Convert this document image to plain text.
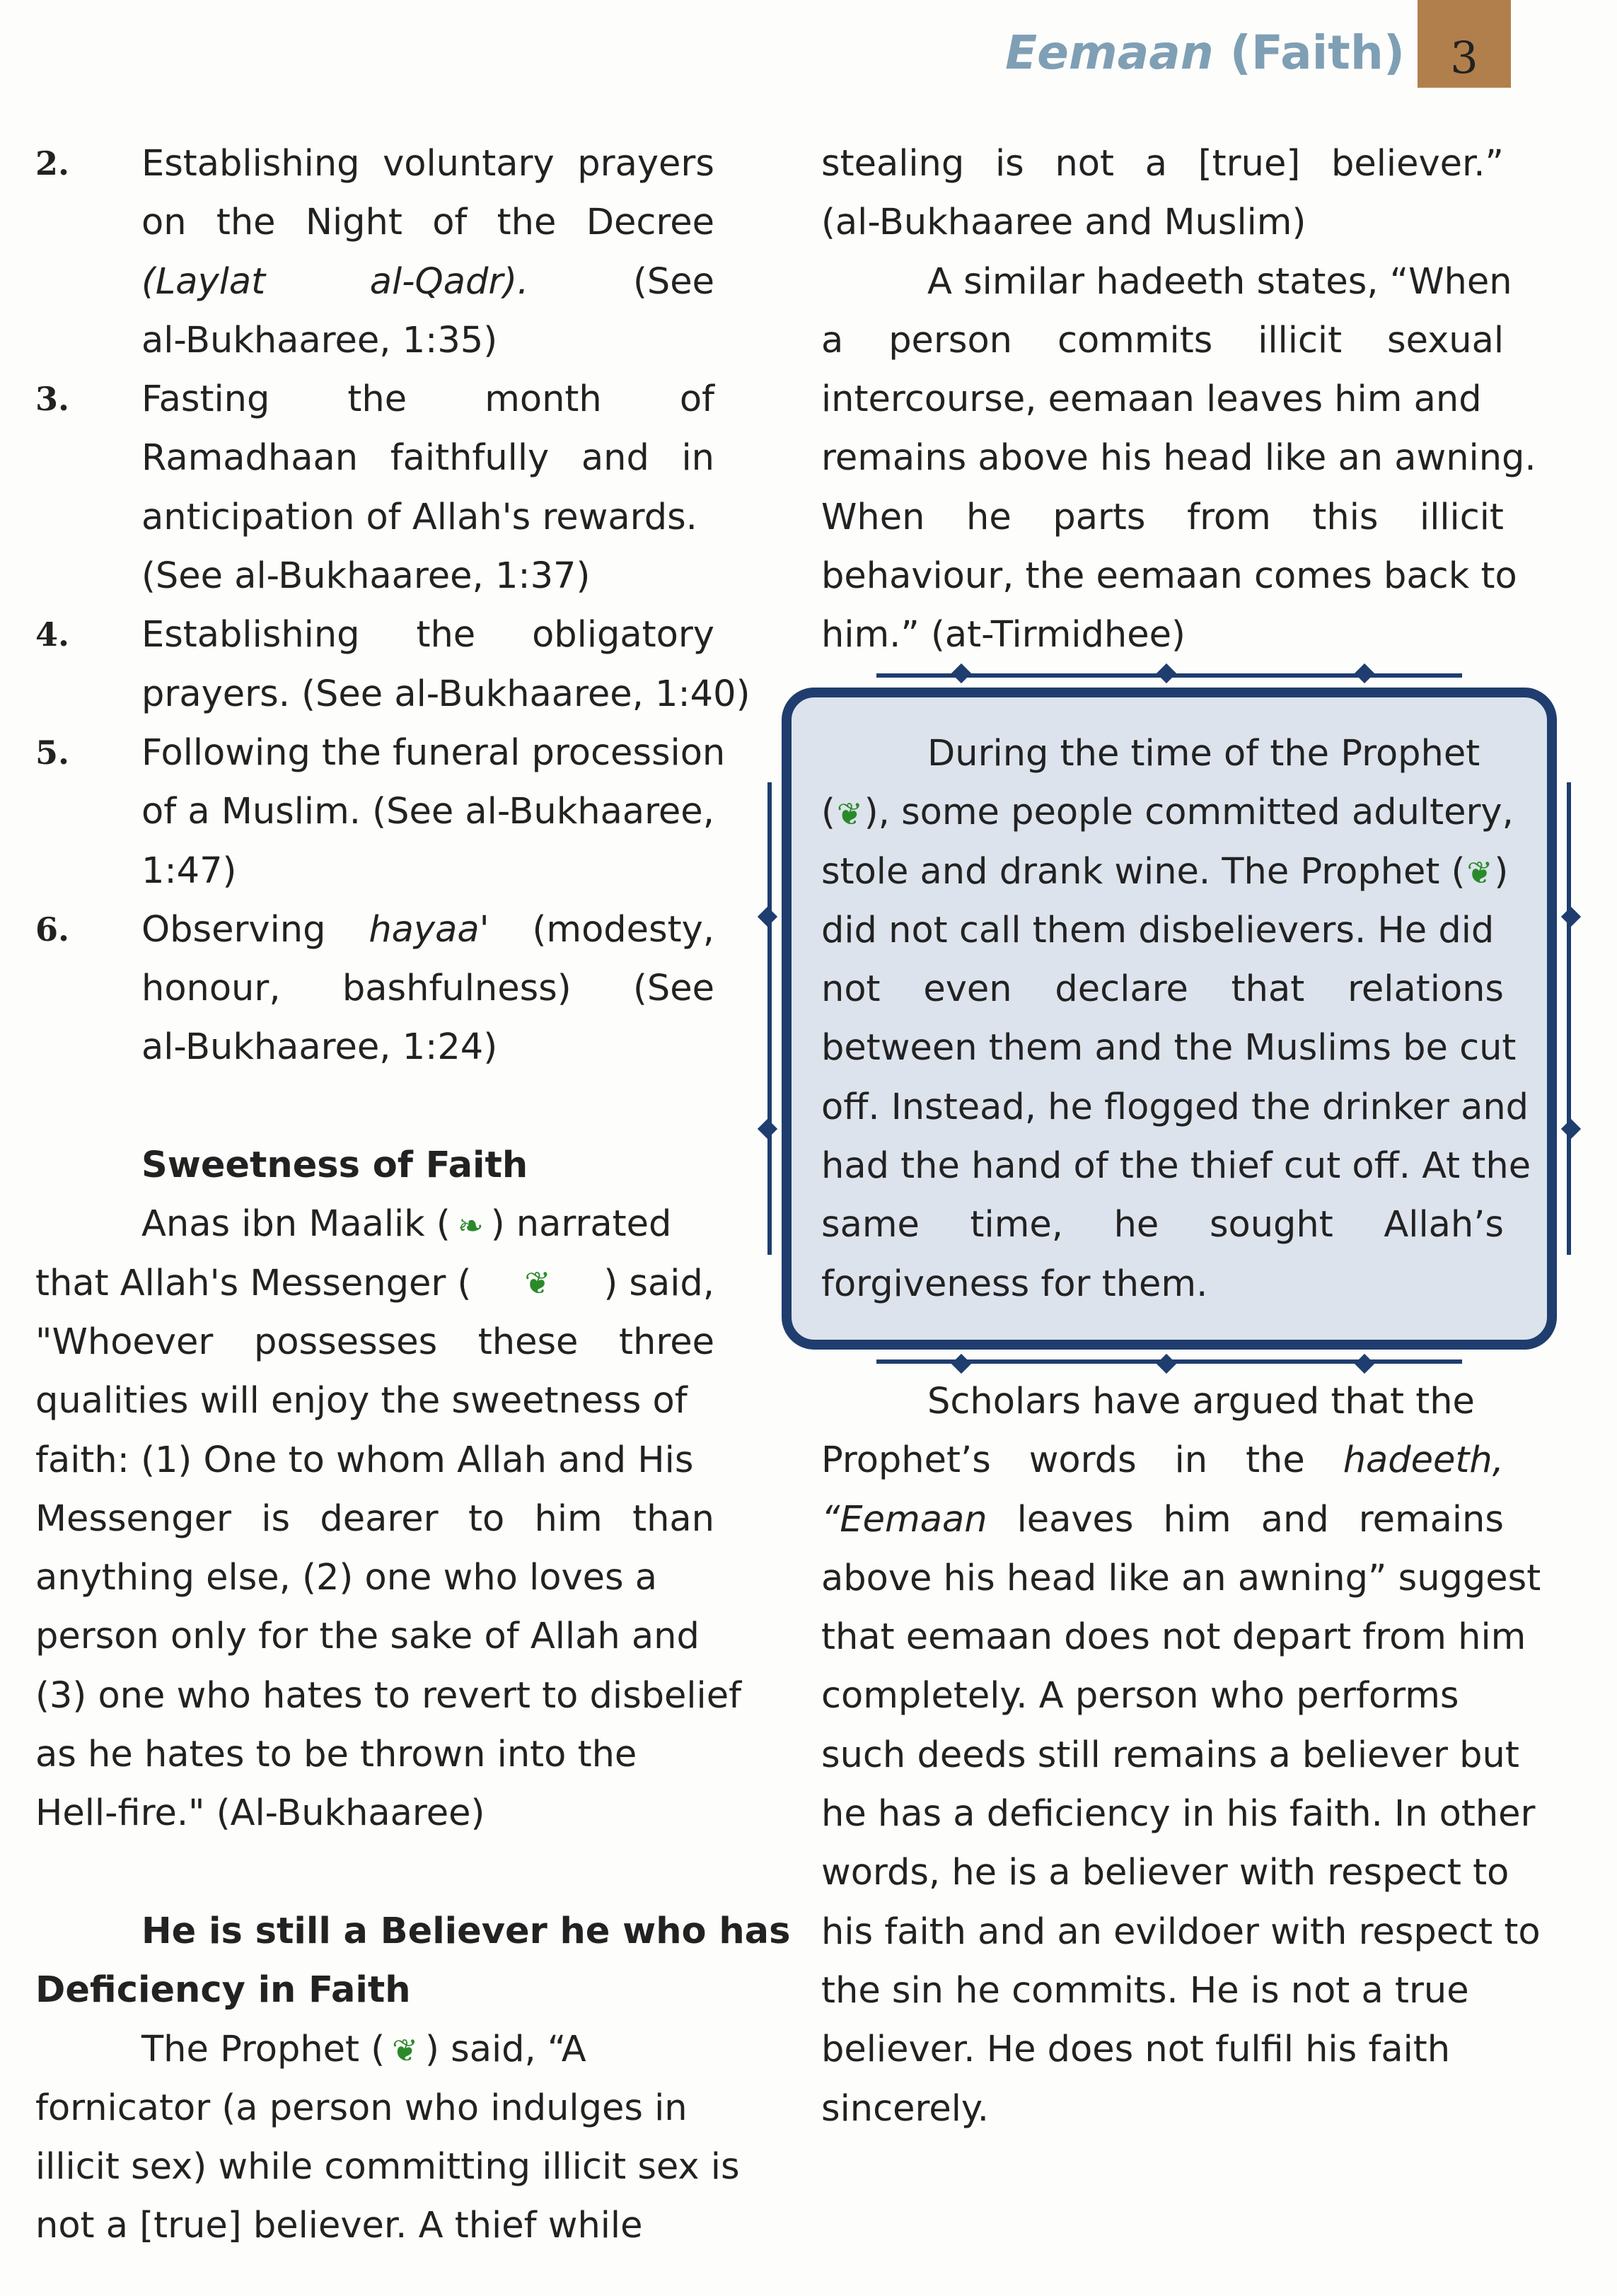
Eemaan (Faith) 3
2. Establishing voluntary prayers
on the Night of the Decree
(Laylat	al-Qadr).	(See
al-Bukhaaree, 1:35)
3. Fasting the month of
Ramadhaan faithfully and in
anticipation of Allah's rewards.
(See al-Bukhaaree, 1:37)
4. Establishing the obligatory
prayers. (See al-Bukhaaree, 1:40)
5. Following the funeral procession
of a Muslim. (See al-Bukhaaree,
1:47)
6. Observing hayaa' (modesty,
honour, bashfulness) (See
al-Bukhaaree, 1:24)
Sweetness of Faith
Anas ibn Maalik ( ❧ ) narrated
that Allah's Messenger ( ❦ ) said,
"Whoever possesses these three
qualities will enjoy the sweetness of
faith: (1) One to whom Allah and His
Messenger is dearer to him than
anything else, (2) one who loves a
person only for the sake of Allah and
(3) one who hates to revert to disbelief
as he hates to be thrown into the
Hell-fire." (Al-Bukhaaree)
He is still a Believer he who has
Deficiency in Faith
The Prophet ( ❦ ) said, “A
fornicator (a person who indulges in
illicit sex) while committing illicit sex is
not a [true] believer. A thief while
stealing is not a [true] believer.”
(al-Bukhaaree and Muslim)
A similar hadeeth states, “When
a person commits illicit sexual
intercourse, eemaan leaves him and
remains above his head like an awning.
When he parts from this illicit
behaviour, the eemaan comes back to
him.” (at-Tirmidhee)
During the time of the Prophet
(❦), some people committed adultery,
stole and drank wine. The Prophet (❦)
did not call them disbelievers. He did
not even declare that relations
between them and the Muslims be cut
off. Instead, he flogged the drinker and
had the hand of the thief cut off. At the
same time, he sought Allah’s
forgiveness for them.
Scholars have argued that the
Prophet’s words in the hadeeth,
“Eemaan leaves him and remains
above his head like an awning” suggest
that eemaan does not depart from him
completely. A person who performs
such deeds still remains a believer but
he has a deficiency in his faith. In other
words, he is a believer with respect to
his faith and an evildoer with respect to
the sin he commits. He is not a true
believer. He does not fulfil his faith
sincerely.
